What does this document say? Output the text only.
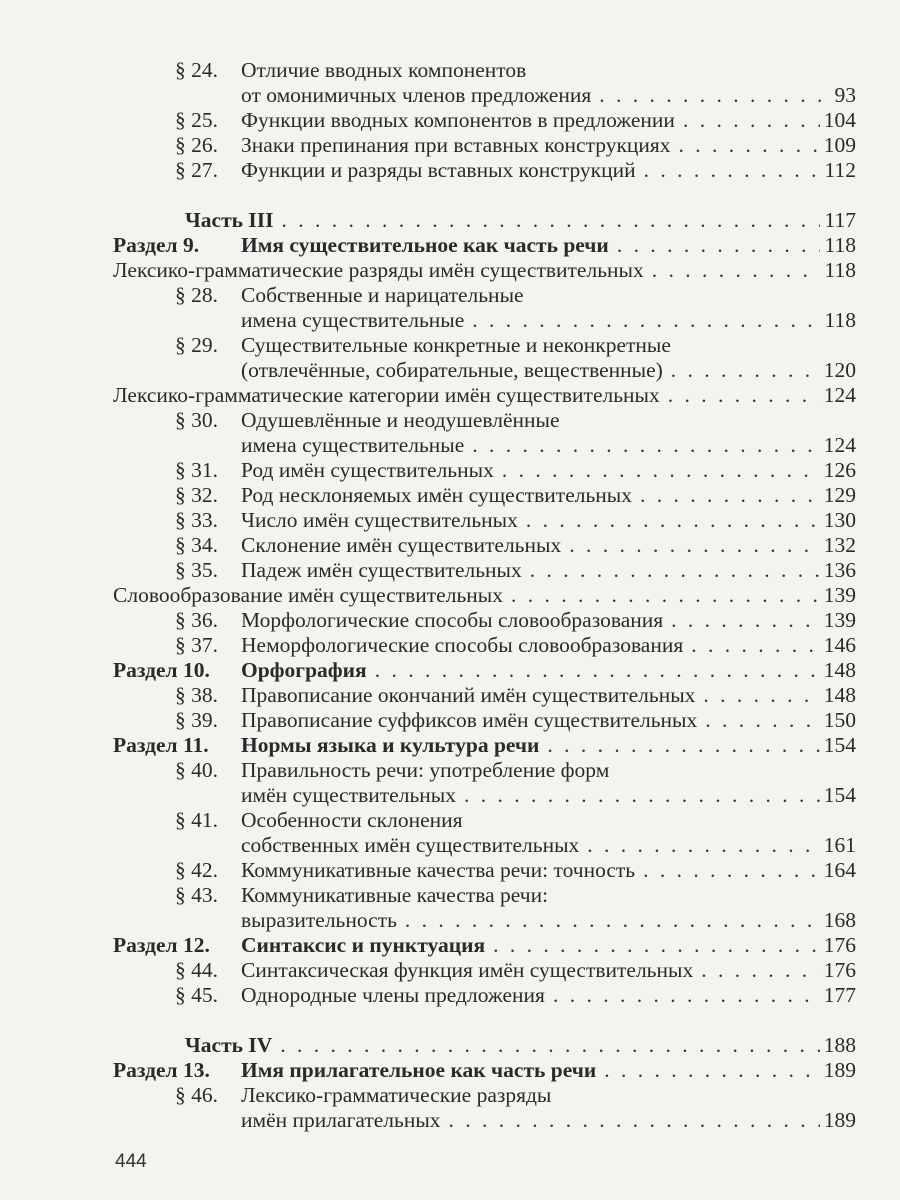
§ 24. Отличие вводных компонентов
от омонимичных членов предложения . . .	93
§ 25. Функции вводных компонентов в предложении . . .	104
§ 26. Знаки препинания при вставных конструкциях . . .	109
§ 27. Функции и разряды вставных конструкций . . .	112
Часть III . . .	117
Раздел 9. Имя существительное как часть речи . . .	118
Лексико-грамматические разряды имён существительных . . .	118
§ 28. Собственные и нарицательные
имена существительные . . .	118
§ 29. Существительные конкретные и неконкретные
(отвлечённые, собирательные, вещественные) . . .	120
Лексико-грамматические категории имён существительных . . .	124
§ 30. Одушевлённые и неодушевлённые
имена существительные . . .	124
§ 31. Род имён существительных . . .	126
§ 32. Род несклоняемых имён существительных . . .	129
§ 33. Число имён существительных . . .	130
§ 34. Склонение имён существительных . . .	132
§ 35. Падеж имён существительных . . .	136
Словообразование имён существительных . . .	139
§ 36. Морфологические способы словообразования . . .	139
§ 37. Неморфологические способы словообразования . . .	146
Раздел 10. Орфография . . .	148
§ 38. Правописание окончаний имён существительных . . .	148
§ 39. Правописание суффиксов имён существительных . . .	150
Раздел 11. Нормы языка и культура речи . . .	154
§ 40. Правильность речи: употребление форм
имён существительных . . .	154
§ 41. Особенности склонения
собственных имён существительных . . .	161
§ 42. Коммуникативные качества речи: точность . . .	164
§ 43. Коммуникативные качества речи:
выразительность . . .	168
Раздел 12. Синтаксис и пунктуация . . .	176
§ 44. Синтаксическая функция имён существительных . . .	176
§ 45. Однородные члены предложения . . .	177
Часть IV . . .	188
Раздел 13. Имя прилагательное как часть речи . . .	189
§ 46. Лексико-грамматические разряды
имён прилагательных . . .	189
444
